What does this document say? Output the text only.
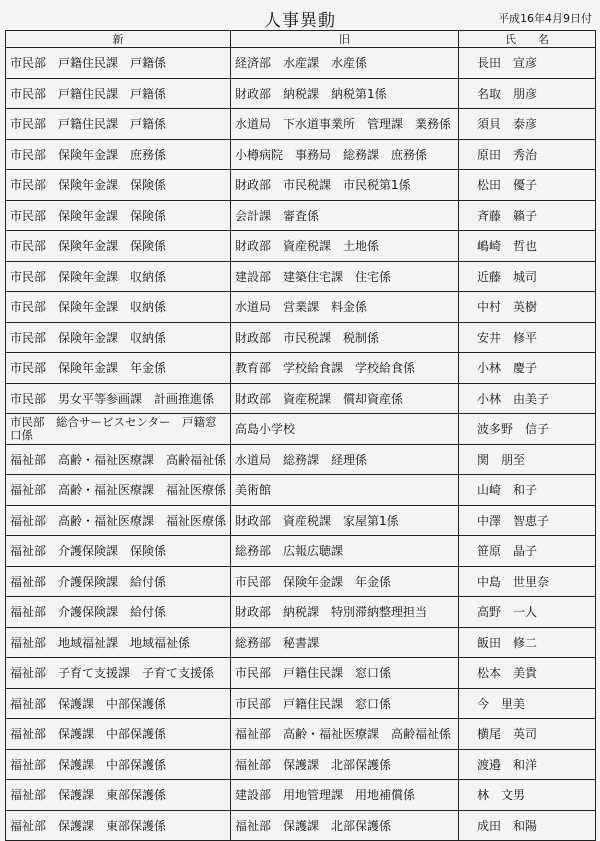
人事異動	平成16年4月9日付
新	旧	氏　　名
市民部　戸籍住民課　戸籍係	経済部　水産課　水産係	長田　宣彦
市民部　戸籍住民課　戸籍係	財政部　納税課　納税第1係	名取　朋彦
市民部　戸籍住民課　戸籍係	水道局　下水道事業所　管理課　業務係	須貝　泰彦
市民部　保険年金課　庶務係	小樽病院　事務局　総務課　庶務係	原田　秀治
市民部　保険年金課　保険係	財政部　市民税課　市民税第1係	松田　優子
市民部　保険年金課　保険係	会計課　審査係	斉藤　籟子
市民部　保険年金課　保険係	財政部　資産税課　土地係	嶋崎　哲也
市民部　保険年金課　収納係	建設部　建築住宅課　住宅係	近藤　城司
市民部　保険年金課　収納係	水道局　営業課　料金係	中村　英樹
市民部　保険年金課　収納係	財政部　市民税課　税制係	安井　修平
市民部　保険年金課　年金係	教育部　学校給食課　学校給食係	小林　慶子
市民部　男女平等参画課　計画推進係	財政部　資産税課　償却資産係	小林　由美子
市民部　総合サービスセンター　戸籍窓口係	高島小学校	波多野　信子
福祉部　高齢・福祉医療課　高齢福祉係	水道局　総務課　経理係	関　朋至
福祉部　高齢・福祉医療課　福祉医療係	美術館	山崎　和子
福祉部　高齢・福祉医療課　福祉医療係	財政部　資産税課　家屋第1係	中澤　智恵子
福祉部　介護保険課　保険係	総務部　広報広聴課	笹原　晶子
福祉部　介護保険課　給付係	市民部　保険年金課　年金係	中島　世里奈
福祉部　介護保険課　給付係	財政部　納税課　特別滞納整理担当	高野　一人
福祉部　地域福祉課　地域福祉係	総務部　秘書課	飯田　修二
福祉部　子育て支援課　子育て支援係	市民部　戸籍住民課　窓口係	松本　美貴
福祉部　保護課　中部保護係	市民部　戸籍住民課　窓口係	今　里美
福祉部　保護課　中部保護係	福祉部　高齢・福祉医療課　高齢福祉係	横尾　英司
福祉部　保護課　中部保護係	福祉部　保護課　北部保護係	渡邉　和洋
福祉部　保護課　東部保護係	建設部　用地管理課　用地補償係	林　文男
福祉部　保護課　東部保護係	福祉部　保護課　北部保護係	成田　和陽
